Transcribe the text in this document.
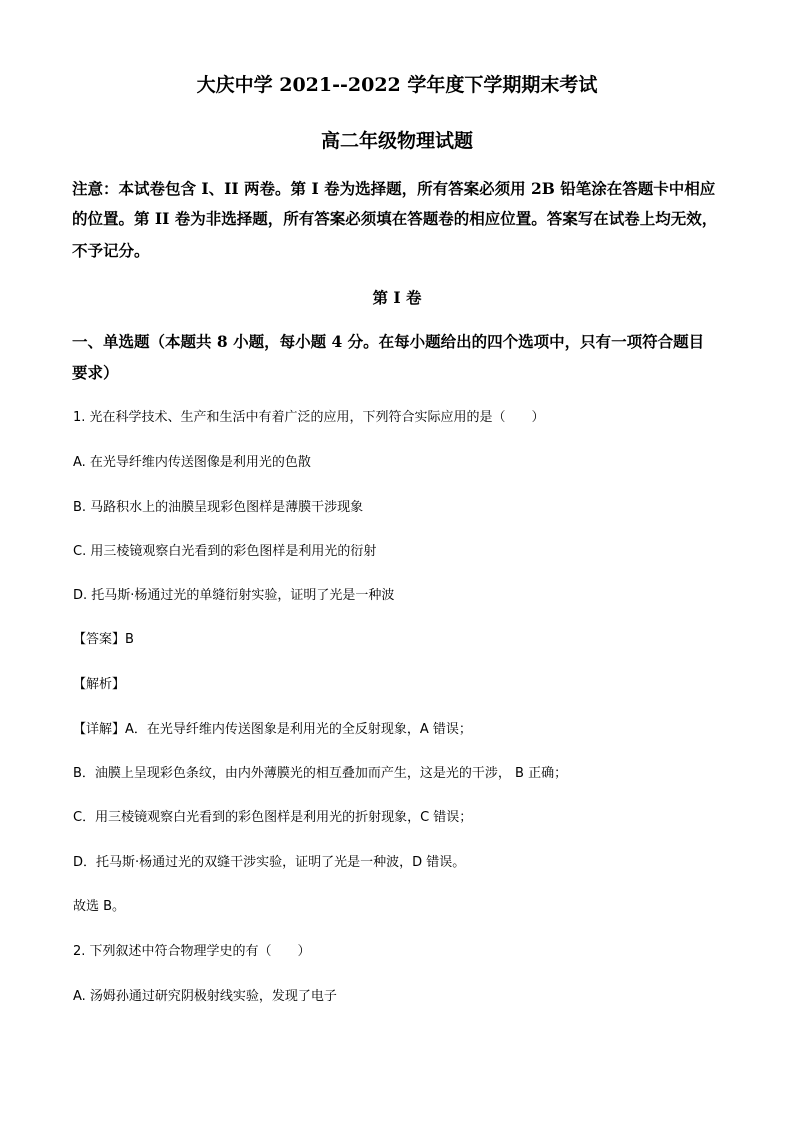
大庆中学 2021--2022 学年度下学期期末考试
高二年级物理试题
注意：本试卷包含 I、II 两卷。第 I 卷为选择题，所有答案必须用 2B 铅笔涂在答题卡中相应
的位置。第 II 卷为非选择题，所有答案必须填在答题卷的相应位置。答案写在试卷上均无效，
不予记分。
第 I 卷
一、单选题（本题共 8 小题，每小题 4 分。在每小题给出的四个选项中，只有一项符合题目
要求）
1. 光在科学技术、生产和生活中有着广泛的应用，下列符合实际应用的是（　　）
A. 在光导纤维内传送图像是利用光的色散
B. 马路积水上的油膜呈现彩色图样是薄膜干涉现象
C. 用三棱镜观察白光看到的彩色图样是利用光的衍射
D. 托马斯·杨通过光的单缝衍射实验，证明了光是一种波
【答案】B
【解析】
【详解】A．在光导纤维内传送图象是利用光的全反射现象，A 错误；
B．油膜上呈现彩色条纹，由内外薄膜光的相互叠加而产生，这是光的干涉， B 正确；
C．用三棱镜观察白光看到的彩色图样是利用光的折射现象，C 错误；
D．托马斯·杨通过光的双缝干涉实验，证明了光是一种波，D 错误。
故选 B。
2. 下列叙述中符合物理学史的有（　　）
A. 汤姆孙通过研究阴极射线实验，发现了电子
